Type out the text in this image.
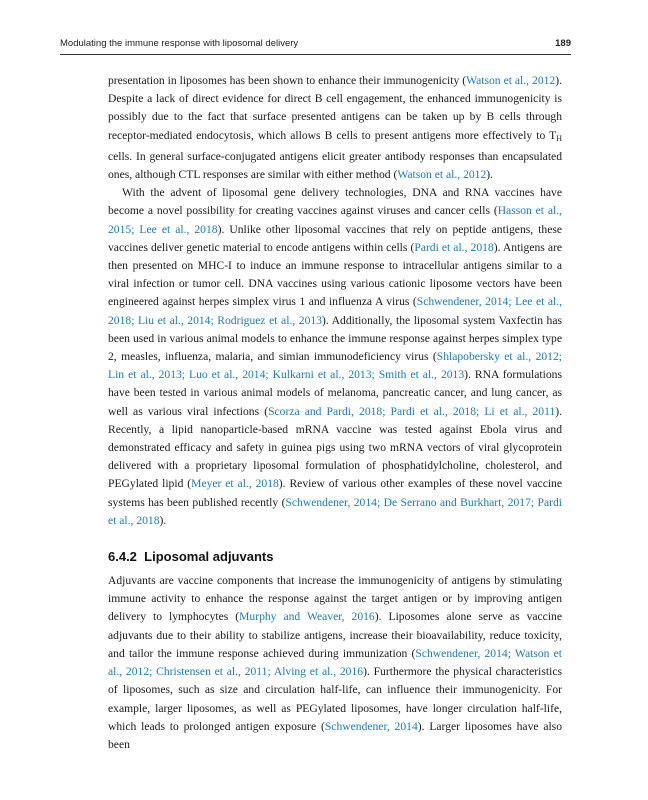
Modulating the immune response with liposomal delivery	189

presentation in liposomes has been shown to enhance their immunogenicity (Watson et al., 2012). Despite a lack of direct evidence for direct B cell engagement, the enhanced immunogenicity is possibly due to the fact that surface presented antigens can be taken up by B cells through receptor-mediated endocytosis, which allows B cells to present antigens more effectively to $T_H$ cells. In general surface-conjugated antigens elicit greater antibody responses than encapsulated ones, although CTL responses are similar with either method (Watson et al., 2012).

With the advent of liposomal gene delivery technologies, DNA and RNA vaccines have become a novel possibility for creating vaccines against viruses and cancer cells (Hasson et al., 2015; Lee et al., 2018). Unlike other liposomal vaccines that rely on peptide antigens, these vaccines deliver genetic material to encode antigens within cells (Pardi et al., 2018). Antigens are then presented on MHC-I to induce an immune response to intracellular antigens similar to a viral infection or tumor cell. DNA vaccines using various cationic liposome vectors have been engineered against herpes simplex virus 1 and influenza A virus (Schwendener, 2014; Lee et al., 2018; Liu et al., 2014; Rodriguez et al., 2013). Additionally, the liposomal system Vaxfectin has been used in various animal models to enhance the immune response against herpes simplex type 2, measles, influenza, malaria, and simian immunodeficiency virus (Shlapobersky et al., 2012; Lin et al., 2013; Luo et al., 2014; Kulkarni et al., 2013; Smith et al., 2013). RNA formulations have been tested in various animal models of melanoma, pancreatic cancer, and lung cancer, as well as various viral infections (Scorza and Pardi, 2018; Pardi et al., 2018; Li et al., 2011). Recently, a lipid nanoparticle-based mRNA vaccine was tested against Ebola virus and demonstrated efficacy and safety in guinea pigs using two mRNA vectors of viral glycoprotein delivered with a proprietary liposomal formulation of phosphatidylcholine, cholesterol, and PEGylated lipid (Meyer et al., 2018). Review of various other examples of these novel vaccine systems has been published recently (Schwendener, 2014; De Serrano and Burkhart, 2017; Pardi et al., 2018).

6.4.2 Liposomal adjuvants

Adjuvants are vaccine components that increase the immunogenicity of antigens by stimulating immune activity to enhance the response against the target antigen or by improving antigen delivery to lymphocytes (Murphy and Weaver, 2016). Liposomes alone serve as vaccine adjuvants due to their ability to stabilize antigens, increase their bioavailability, reduce toxicity, and tailor the immune response achieved during immunization (Schwendener, 2014; Watson et al., 2012; Christensen et al., 2011; Alving et al., 2016). Furthermore the physical characteristics of liposomes, such as size and circulation half-life, can influence their immunogenicity. For example, larger liposomes, as well as PEGylated liposomes, have longer circulation half-life, which leads to prolonged antigen exposure (Schwendener, 2014). Larger liposomes have also been
